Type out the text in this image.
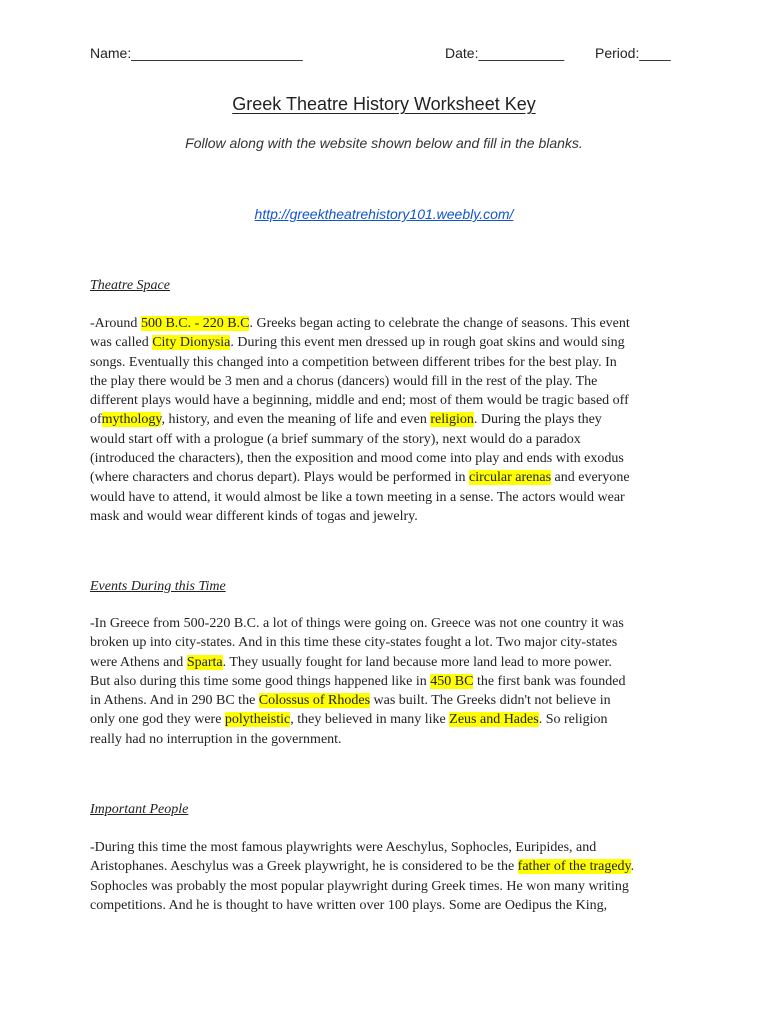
Name:______________________	Date:___________ Period:____
Greek Theatre History Worksheet Key
Follow along with the website shown below and fill in the blanks.
http://greektheatrehistory101.weebly.com/
Theatre Space
-Around 500 B.C. - 220 B.C. Greeks began acting to celebrate the change of seasons. This event
was called City Dionysia. During this event men dressed up in rough goat skins and would sing
songs. Eventually this changed into a competition between different tribes for the best play. In
the play there would be 3 men and a chorus (dancers) would fill in the rest of the play. The
different plays would have a beginning, middle and end; most of them would be tragic based off
ofmythology, history, and even the meaning of life and even religion. During the plays they
would start off with a prologue (a brief summary of the story), next would do a paradox
(introduced the characters), then the exposition and mood come into play and ends with exodus
(where characters and chorus depart). Plays would be performed in circular arenas and everyone
would have to attend, it would almost be like a town meeting in a sense. The actors would wear
mask and would wear different kinds of togas and jewelry.
Events During this Time
-In Greece from 500-220 B.C. a lot of things were going on. Greece was not one country it was
broken up into city-states. And in this time these city-states fought a lot. Two major city-states
were Athens and Sparta. They usually fought for land because more land lead to more power.
But also during this time some good things happened like in 450 BC the first bank was founded
in Athens. And in 290 BC the Colossus of Rhodes was built. The Greeks didn't not believe in
only one god they were polytheistic, they believed in many like Zeus and Hades. So religion
really had no interruption in the government.
Important People
-During this time the most famous playwrights were Aeschylus, Sophocles, Euripides, and
Aristophanes. Aeschylus was a Greek playwright, he is considered to be the father of the tragedy.
Sophocles was probably the most popular playwright during Greek times. He won many writing
competitions. And he is thought to have written over 100 plays. Some are Oedipus the King,
